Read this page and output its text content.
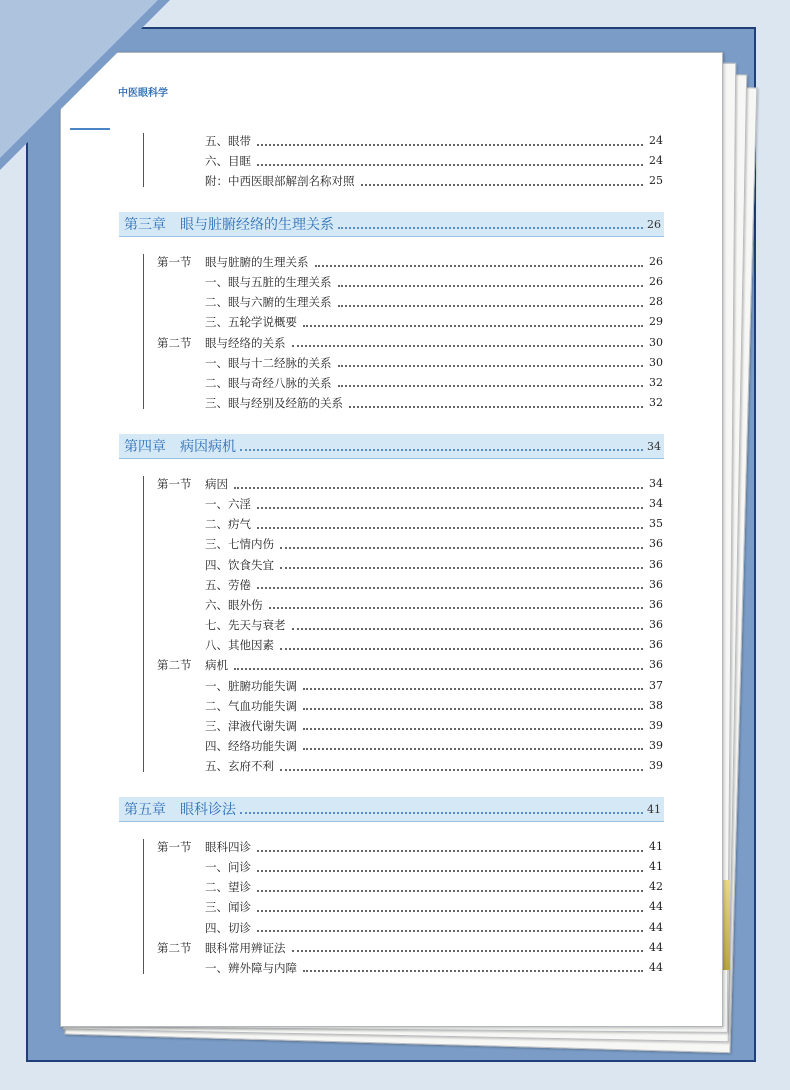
中医眼科学
五、眼带	24
六、目眶	24
附：中西医眼部解剖名称对照	25
第三章	眼与脏腑经络的生理关系	26
第一节	眼与脏腑的生理关系	26
一、眼与五脏的生理关系	26
二、眼与六腑的生理关系	28
三、五轮学说概要	29
第二节	眼与经络的关系	30
一、眼与十二经脉的关系	30
二、眼与奇经八脉的关系	32
三、眼与经别及经筋的关系	32
第四章	病因病机	34
第一节	病因	34
一、六淫	34
二、疠气	35
三、七情内伤	36
四、饮食失宜	36
五、劳倦	36
六、眼外伤	36
七、先天与衰老	36
八、其他因素	36
第二节	病机	36
一、脏腑功能失调	37
二、气血功能失调	38
三、津液代谢失调	39
四、经络功能失调	39
五、玄府不利	39
第五章	眼科诊法	41
第一节	眼科四诊	41
一、问诊	41
二、望诊	42
三、闻诊	44
四、切诊	44
第二节	眼科常用辨证法	44
一、辨外障与内障	44
